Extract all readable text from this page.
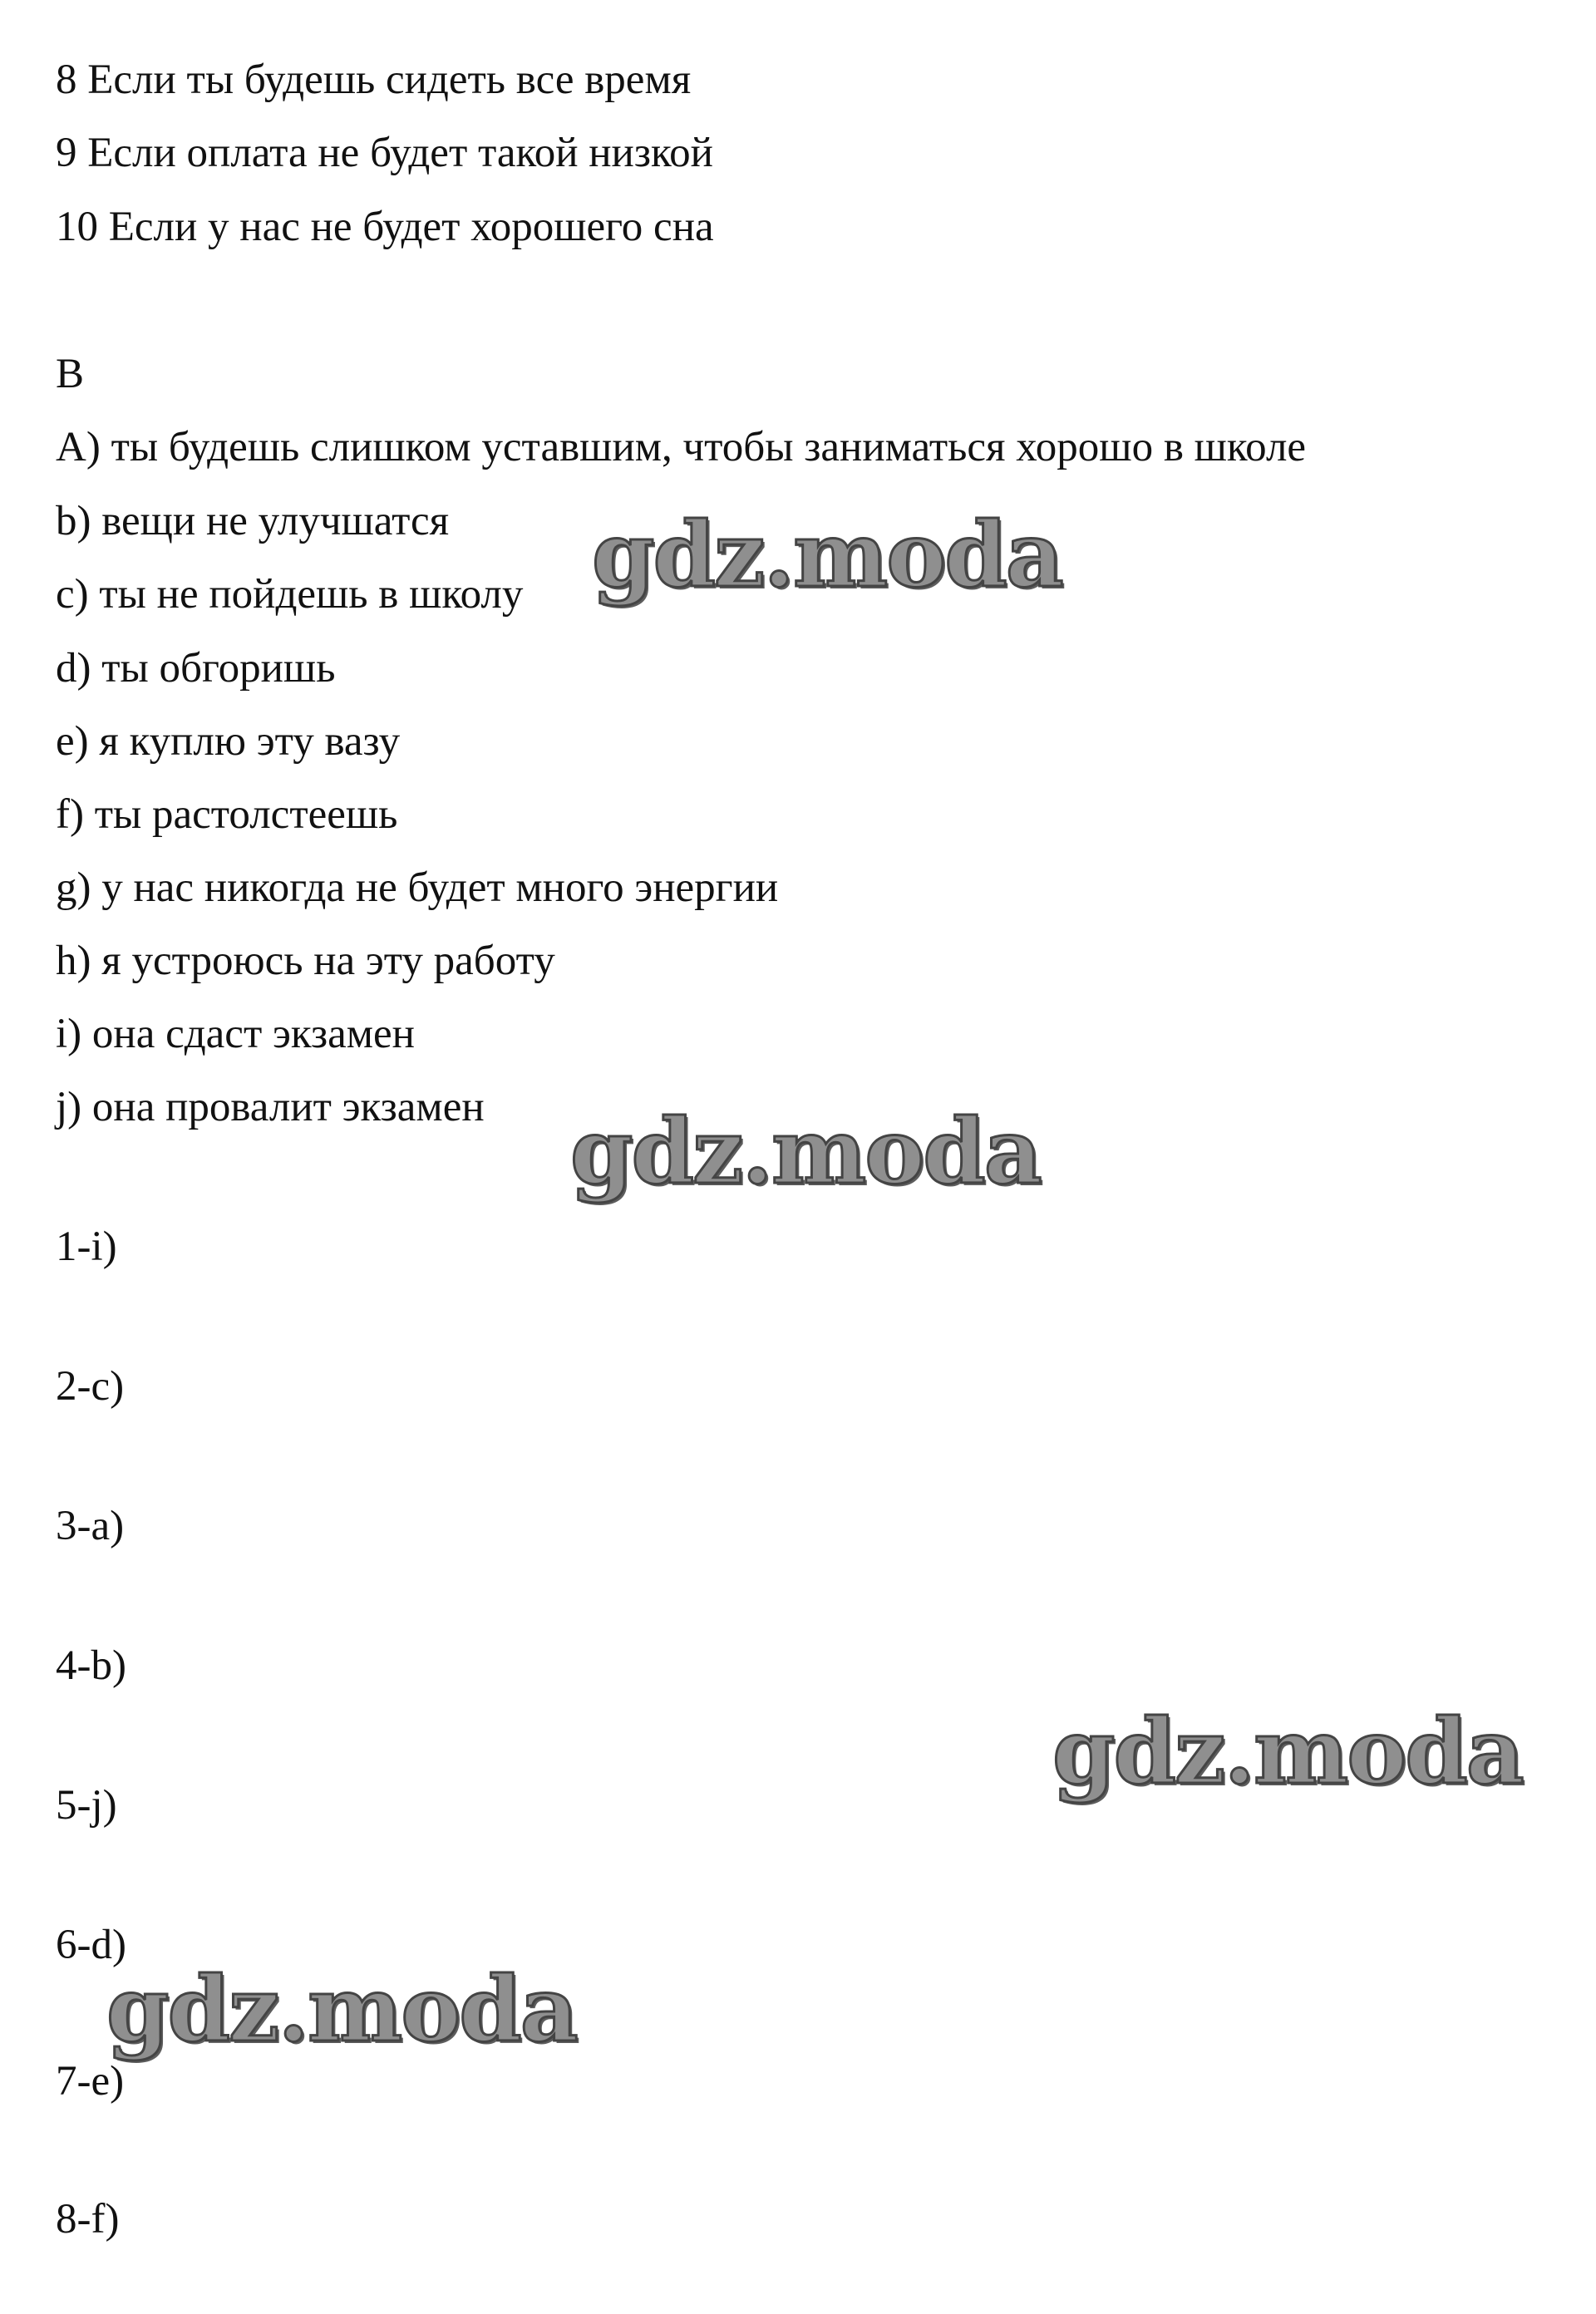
8 Если ты будешь сидеть все время

9 Если оплата не будет такой низкой

10 Если у нас не будет хорошего сна

B

A) ты будешь слишком уставшим, чтобы заниматься хорошо в школе

b) вещи не улучшатся

c) ты не пойдешь в школу

d) ты обгоришь

e) я куплю эту вазу

f) ты растолстеешь

g) у нас никогда не будет много энергии

h) я устроюсь на эту работу

i) она сдаст экзамен

j) она провалит экзамен

1-i)

2-c)

3-a)

4-b)

5-j)

6-d)

7-e)

8-f)

gdz.moda
gdz.moda
gdz.moda
gdz.moda
